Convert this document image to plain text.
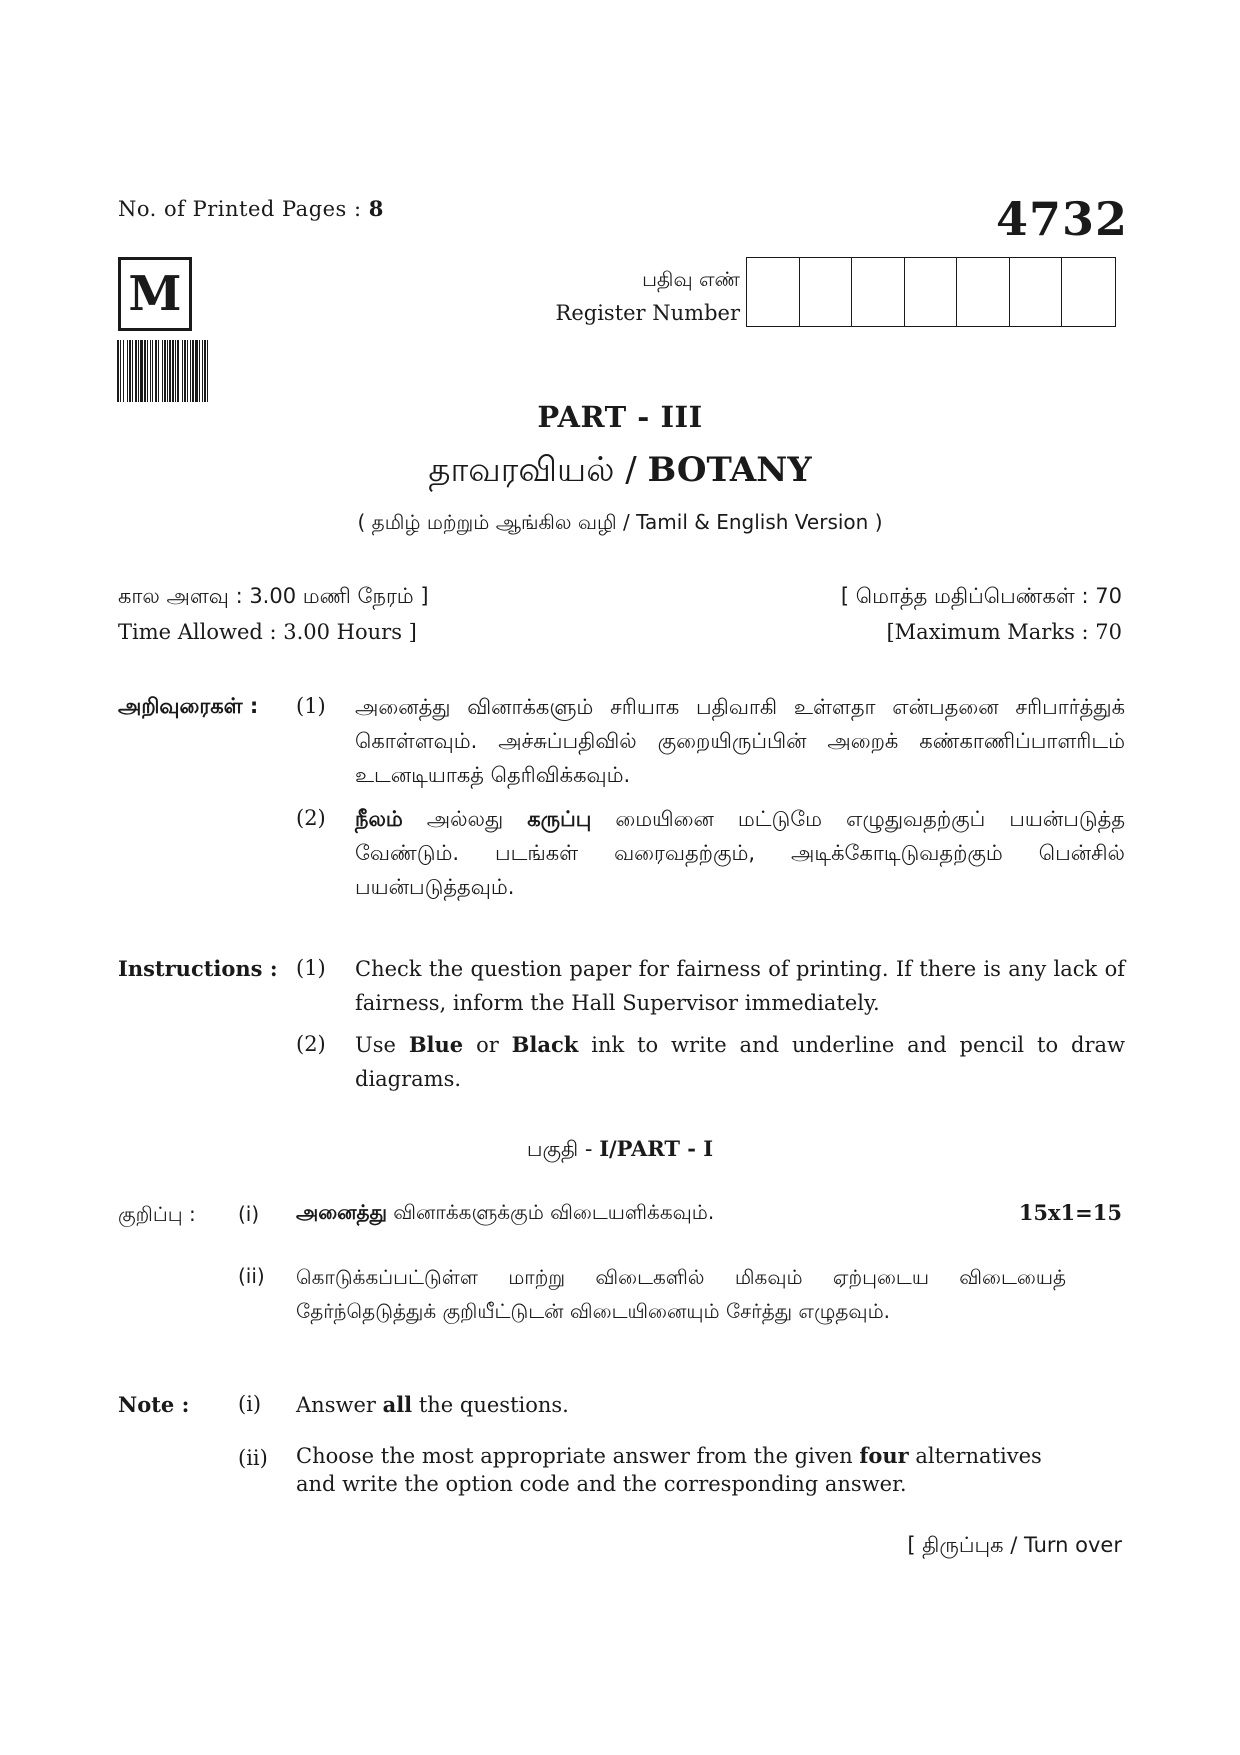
No. of Printed Pages : 8	4732
M	பதிவு எண்
Register Number
PART - III
தாவரவியல் / BOTANY
( தமிழ் மற்றும் ஆங்கில வழி / Tamil & English Version )
கால அளவு : 3.00 மணி நேரம் ]	[ மொத்த மதிப்பெண்கள் : 70
Time Allowed : 3.00 Hours ]	[Maximum Marks : 70
அறிவுரைகள் : (1) அனைத்து வினாக்களும் சரியாக பதிவாகி உள்ளதா என்பதனை சரிபார்த்துக் கொள்ளவும். அச்சுப்பதிவில் குறையிருப்பின் அறைக் கண்காணிப்பாளரிடம் உடனடியாகத் தெரிவிக்கவும்.
(2) நீலம் அல்லது கருப்பு மையினை மட்டுமே எழுதுவதற்குப் பயன்படுத்த வேண்டும். படங்கள் வரைவதற்கும், அடிக்கோடிடுவதற்கும் பென்சில் பயன்படுத்தவும்.
Instructions : (1) Check the question paper for fairness of printing. If there is any lack of fairness, inform the Hall Supervisor immediately.
(2) Use Blue or Black ink to write and underline and pencil to draw diagrams.
பகுதி - I/PART - I
குறிப்பு : (i) அனைத்து வினாக்களுக்கும் விடையளிக்கவும்.	15x1=15
(ii) கொடுக்கப்பட்டுள்ள மாற்று விடைகளில் மிகவும் ஏற்புடைய விடையைத் தேர்ந்தெடுத்துக் குறியீட்டுடன் விடையினையும் சேர்த்து எழுதவும்.
Note : (i) Answer all the questions.
(ii) Choose the most appropriate answer from the given four alternatives and write the option code and the corresponding answer.
[ திருப்புக / Turn over
